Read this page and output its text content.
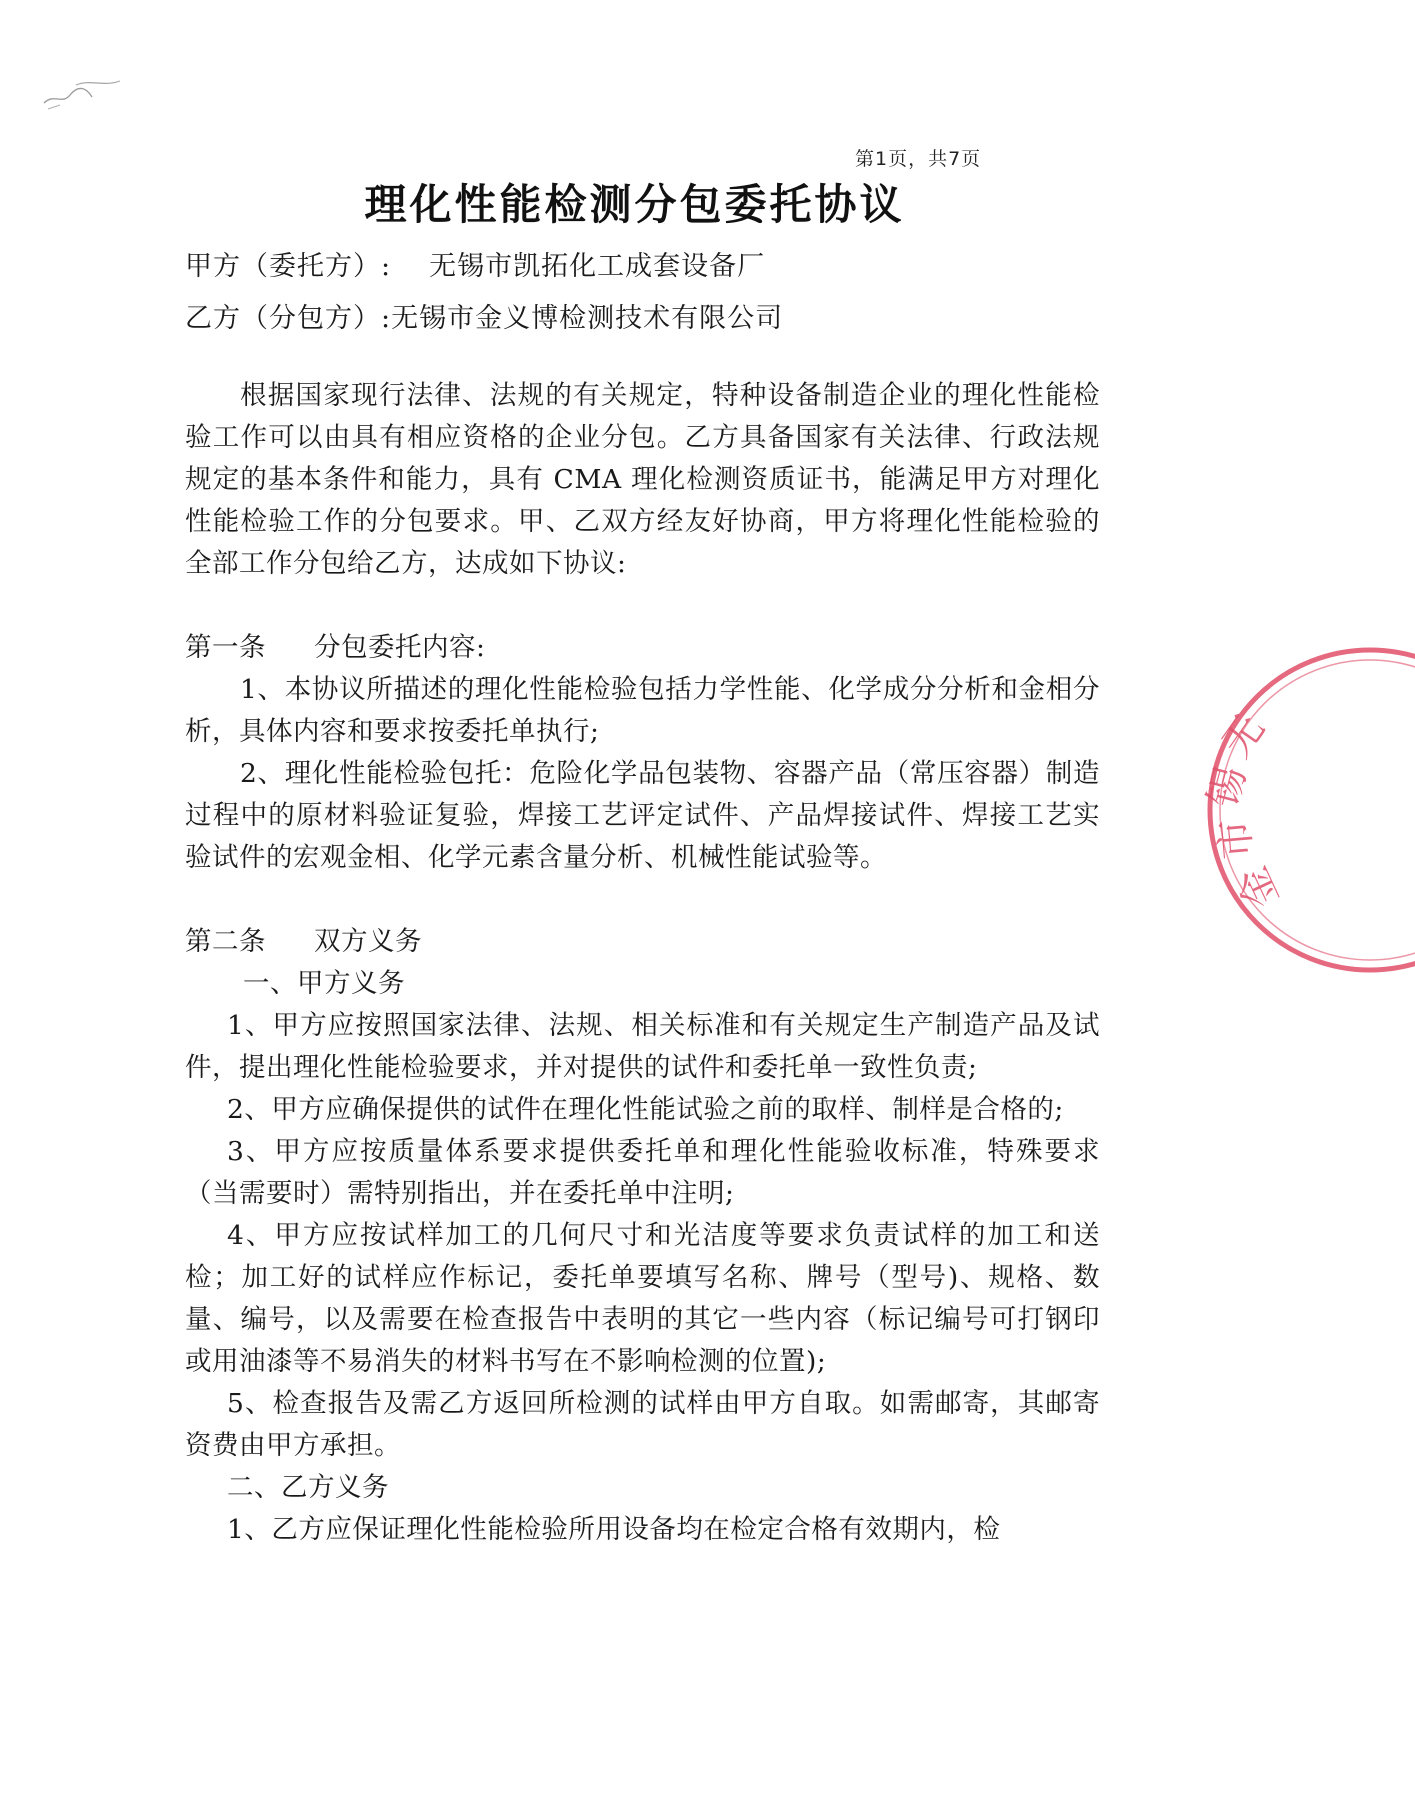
第1页，共7页
理化性能检测分包委托协议
甲方（委托方）: 无锡市凯拓化工成套设备厂
乙方（分包方）:无锡市金义博检测技术有限公司

根据国家现行法律、法规的有关规定，特种设备制造企业的理化性能检验工作可以由具有相应资格的企业分包。乙方具备国家有关法律、行政法规规定的基本条件和能力，具有 CMA 理化检测资质证书，能满足甲方对理化性能检验工作的分包要求。甲、乙双方经友好协商，甲方将理化性能检验的全部工作分包给乙方，达成如下协议:

第一条 分包委托内容:

1、本协议所描述的理化性能检验包括力学性能、化学成分分析和金相分析，具体内容和要求按委托单执行;

2、理化性能检验包托：危险化学品包装物、容器产品（常压容器）制造过程中的原材料验证复验，焊接工艺评定试件、产品焊接试件、焊接工艺实验试件的宏观金相、化学元素含量分析、机械性能试验等。

第二条 双方义务

一、甲方义务

1、甲方应按照国家法律、法规、相关标准和有关规定生产制造产品及试件，提出理化性能检验要求，并对提供的试件和委托单一致性负责;

2、甲方应确保提供的试件在理化性能试验之前的取样、制样是合格的;

3、甲方应按质量体系要求提供委托单和理化性能验收标准，特殊要求（当需要时）需特别指出，并在委托单中注明;

4、甲方应按试样加工的几何尺寸和光洁度等要求负责试样的加工和送检；加工好的试样应作标记，委托单要填写名称、牌号（型号)、规格、数量、编号，以及需要在检查报告中表明的其它一些内容（标记编号可打钢印或用油漆等不易消失的材料书写在不影响检测的位置);

5、检查报告及需乙方返回所检测的试样由甲方自取。如需邮寄，其邮寄资费由甲方承担。

二、乙方义务

1、乙方应保证理化性能检验所用设备均在检定合格有效期内，检

无
锡
市
金
